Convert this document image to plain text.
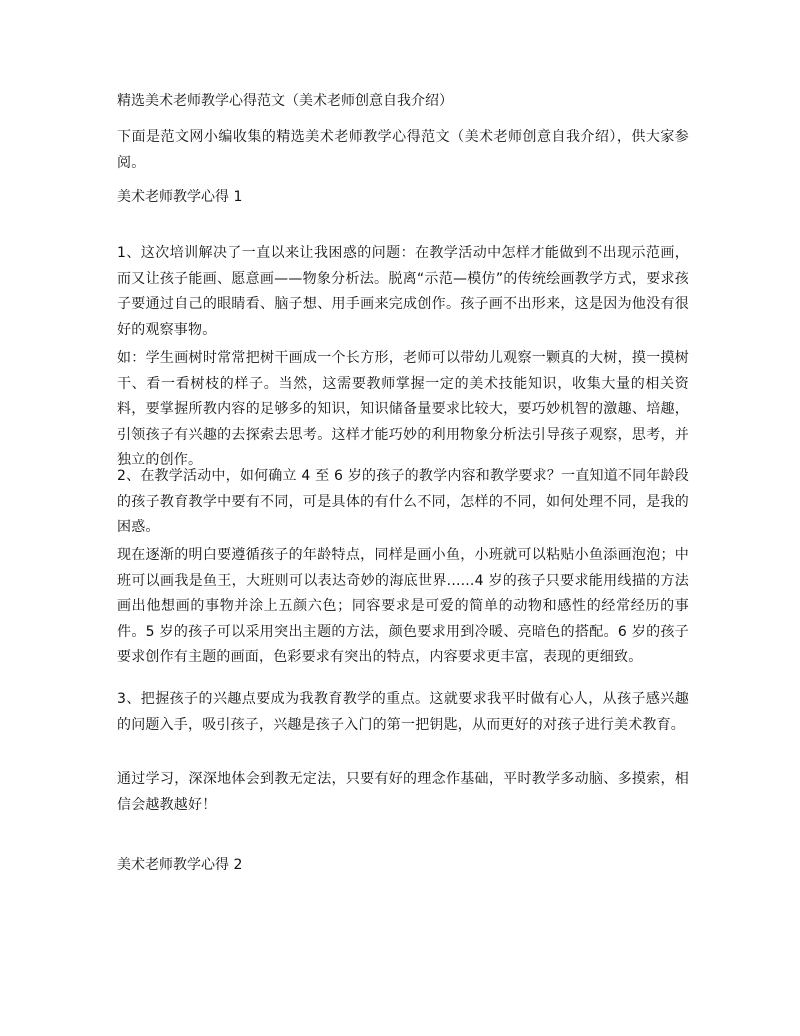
精选美术老师教学心得范文（美术老师创意自我介绍）

下面是范文网小编收集的精选美术老师教学心得范文（美术老师创意自我介绍），供大家参阅。

美术老师教学心得 1

1、这次培训解决了一直以来让我困惑的问题：在教学活动中怎样才能做到不出现示范画，而又让孩子能画、愿意画——物象分析法。脱离“示范—模仿”的传统绘画教学方式，要求孩子要通过自己的眼睛看、脑子想、用手画来完成创作。孩子画不出形来，这是因为他没有很好的观察事物。

如：学生画树时常常把树干画成一个长方形，老师可以带幼儿观察一颗真的大树，摸一摸树干、看一看树枝的样子。当然，这需要教师掌握一定的美术技能知识，收集大量的相关资料，要掌握所教内容的足够多的知识，知识储备量要求比较大，要巧妙机智的激趣、培趣，引领孩子有兴趣的去探索去思考。这样才能巧妙的利用物象分析法引导孩子观察，思考，并独立的创作。

2、在教学活动中，如何确立 4 至 6 岁的孩子的教学内容和教学要求？一直知道不同年龄段的孩子教育教学中要有不同，可是具体的有什么不同，怎样的不同，如何处理不同，是我的困惑。

现在逐渐的明白要遵循孩子的年龄特点，同样是画小鱼，小班就可以粘贴小鱼添画泡泡；中班可以画我是鱼王，大班则可以表达奇妙的海底世界......4 岁的孩子只要求能用线描的方法画出他想画的事物并涂上五颜六色；同容要求是可爱的简单的动物和感性的经常经历的事件。5 岁的孩子可以采用突出主题的方法，颜色要求用到冷暖、亮暗色的搭配。6 岁的孩子要求创作有主题的画面，色彩要求有突出的特点，内容要求更丰富，表现的更细致。

3、把握孩子的兴趣点要成为我教育教学的重点。这就要求我平时做有心人，从孩子感兴趣的问题入手，吸引孩子，兴趣是孩子入门的第一把钥匙，从而更好的对孩子进行美术教育。

通过学习，深深地体会到教无定法，只要有好的理念作基础，平时教学多动脑、多摸索，相信会越教越好！

美术老师教学心得 2
